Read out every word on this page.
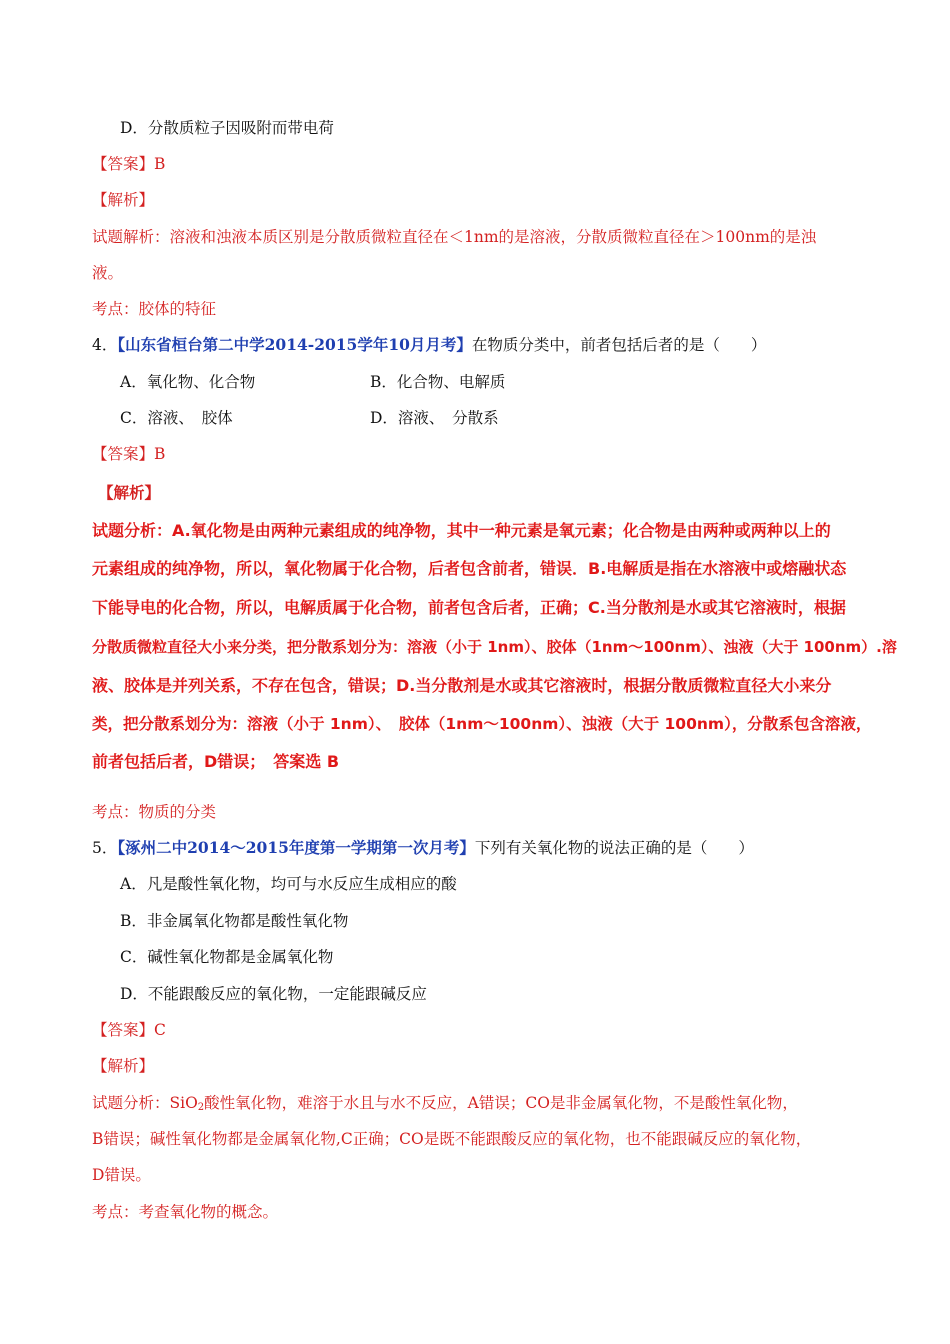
D．分散质粒子因吸附而带电荷
【答案】B
【解析】
试题解析：溶液和浊液本质区别是分散质微粒直径在＜1nm的是溶液，分散质微粒直径在＞100nm的是浊
液。
考点：胶体的特征
4．【山东省桓台第二中学2014-2015学年10月月考】在物质分类中，前者包括后者的是（　　）
A．氧化物、化合物	B．化合物、电解质
C．溶液、　胶体	D．溶液、　分散系
【答案】B
【解析】
试题分析：A.氧化物是由两种元素组成的纯净物，其中一种元素是氧元素；化合物是由两种或两种以上的
元素组成的纯净物，所以，氧化物属于化合物，后者包含前者，错误．B.电解质是指在水溶液中或熔融状态
下能导电的化合物，所以，电解质属于化合物，前者包含后者，正确；C.当分散剂是水或其它溶液时，根据
分散质微粒直径大小来分类，把分散系划分为：溶液（小于 1nm）、胶体（1nm～100nm）、浊液（大于 100nm）.溶
液、胶体是并列关系，不存在包含，错误；D.当分散剂是水或其它溶液时，根据分散质微粒直径大小来分
类，把分散系划分为：溶液（小于 1nm）、　胶体（1nm～100nm）、浊液（大于 100nm），分散系包含溶液，
前者包括后者，D错误；　答案选 B
考点：物质的分类
5．【涿州二中2014～2015年度第一学期第一次月考】下列有关氧化物的说法正确的是（　　）
A．凡是酸性氧化物，均可与水反应生成相应的酸
B．非金属氧化物都是酸性氧化物
C．碱性氧化物都是金属氧化物
D．不能跟酸反应的氧化物，一定能跟碱反应
【答案】C
【解析】
试题分析：SiO$_2$酸性氧化物，难溶于水且与水不反应，A错误；CO是非金属氧化物，不是酸性氧化物，
B错误；碱性氧化物都是金属氧化物,C正确；CO是既不能跟酸反应的氧化物，也不能跟碱反应的氧化物，
D错误。
考点：考查氧化物的概念。
